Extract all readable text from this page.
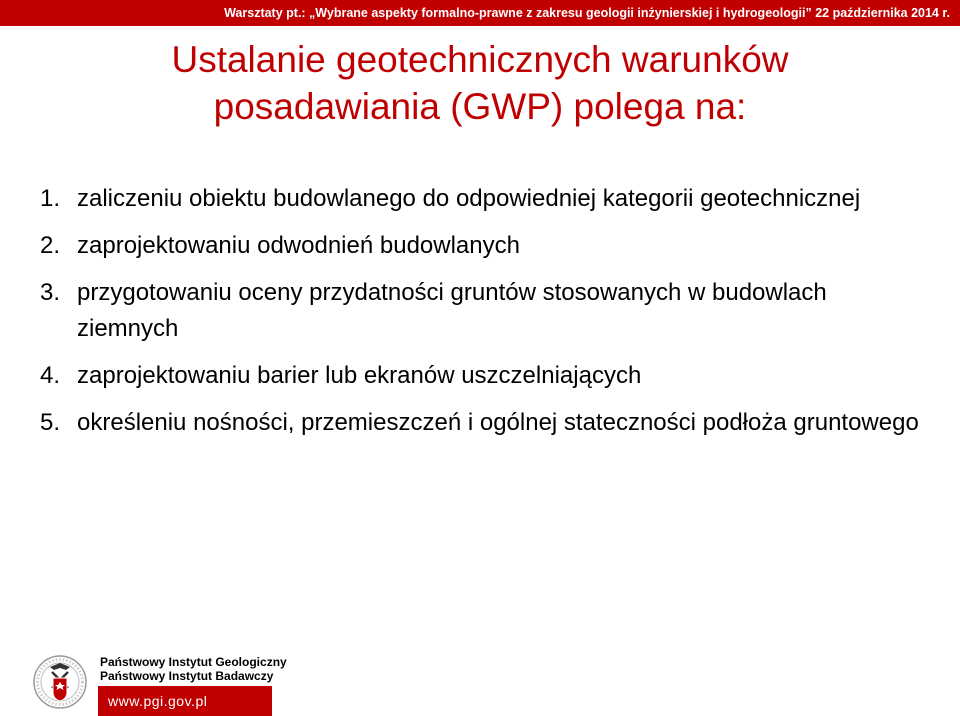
Warsztaty pt.: „Wybrane aspekty formalno-prawne z zakresu geologii inżynierskiej i hydrogeologii” 22 października 2014 r.
Ustalanie geotechnicznych warunków
posadawiania (GWP) polega na:
1. zaliczeniu obiektu budowlanego do odpowiedniej kategorii geotechnicznej
2. zaprojektowaniu odwodnień budowlanych
3. przygotowaniu oceny przydatności gruntów stosowanych w budowlach ziemnych
4. zaprojektowaniu barier lub ekranów uszczelniających
5. określeniu nośności, przemieszczeń i ogólnej stateczności podłoża gruntowego
Państwowy Instytut Geologiczny
Państwowy Instytut Badawczy
www.pgi.gov.pl
